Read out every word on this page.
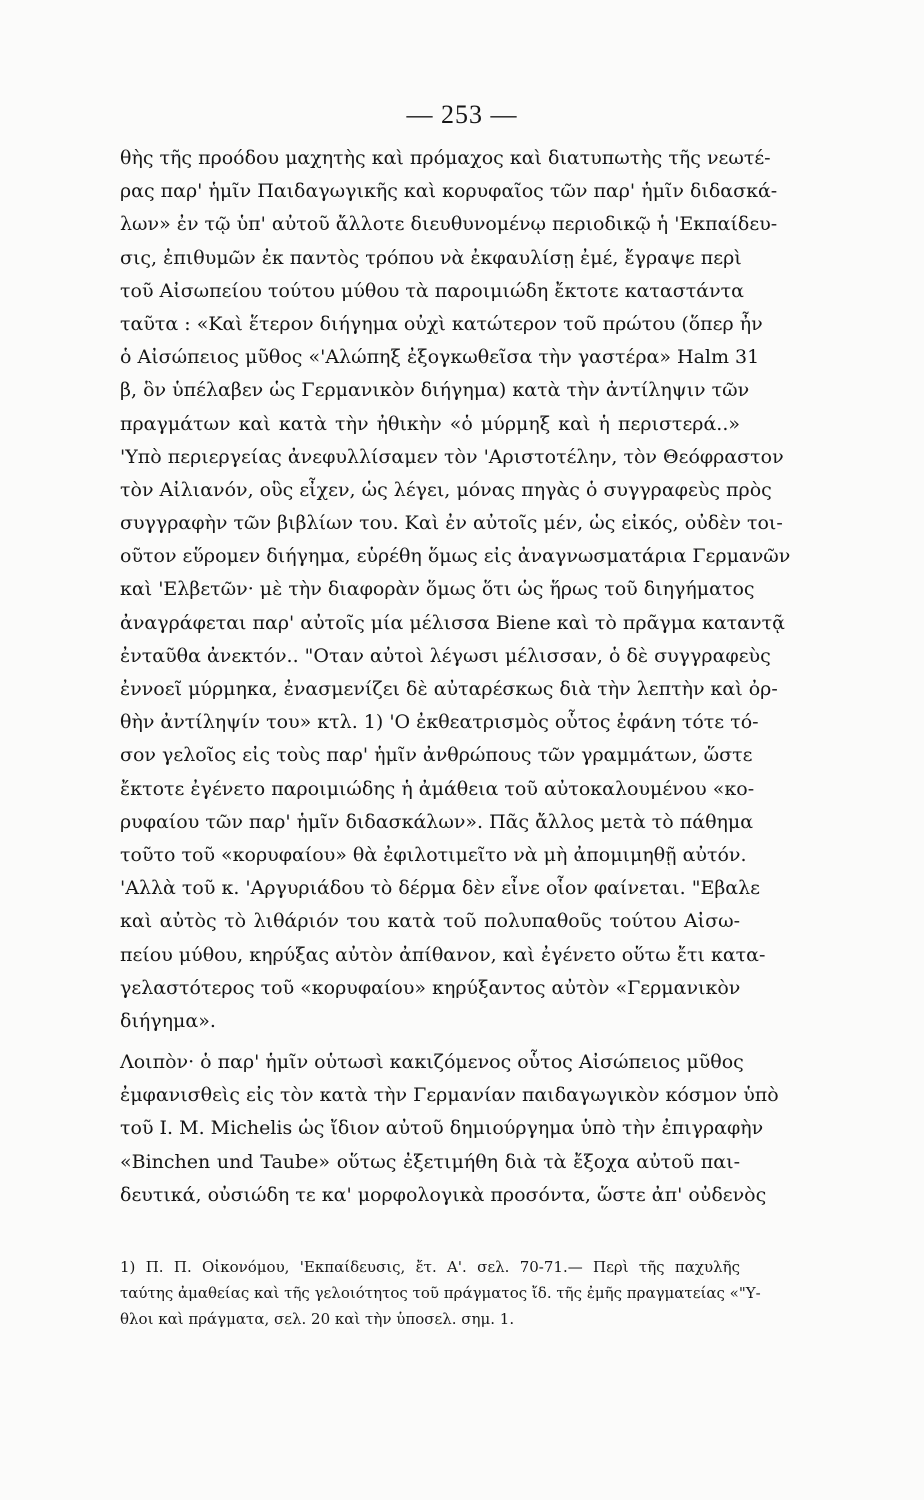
— 253 —
θὴς τῆς προόδου μαχητὴς καὶ πρόμαχος καὶ διατυπωτὴς τῆς νεωτέ-
ρας παρ' ἡμῖν Παιδαγωγικῆς καὶ κορυφαῖος τῶν παρ' ἡμῖν διδασκά-
λων» ἐν τῷ ὑπ' αὐτοῦ ἄλλοτε διευθυνομένῳ περιοδικῷ ἡ 'Εκπαίδευ-
σις, ἐπιθυμῶν ἐκ παντὸς τρόπου νὰ ἐκφαυλίσῃ ἐμέ, ἔγραψε περὶ
τοῦ Αἰσωπείου τούτου μύθου τὰ παροιμιώδη ἔκτοτε καταστάντα
ταῦτα : «Καὶ ἕτερον διήγημα οὐχὶ κατώτερον τοῦ πρώτου (ὅπερ ἦν
ὁ Αἰσώπειος μῦθος «'Αλώπηξ ἐξογκωθεῖσα τὴν γαστέρα» Halm 31
β, ὃν ὑπέλαβεν ὡς Γερμανικὸν διήγημα) κατὰ τὴν ἀντίληψιν τῶν
πραγμάτων καὶ κατὰ τὴν ἠθικὴν «ὁ μύρμηξ καὶ ἡ περιστερά..»
'Υπὸ περιεργείας ἀνεφυλλίσαμεν τὸν 'Αριστοτέλην, τὸν Θεόφραστον
τὸν Αἰλιανόν, οὓς εἶχεν, ὡς λέγει, μόνας πηγὰς ὁ συγγραφεὺς πρὸς
συγγραφὴν τῶν βιβλίων του. Καὶ ἐν αὐτοῖς μέν, ὡς εἰκός, οὐδὲν τοι-
οῦτον εὕρομεν διήγημα, εὑρέθη ὅμως εἰς ἀναγνωσματάρια Γερμανῶν
καὶ 'Ελβετῶν· μὲ τὴν διαφορὰν ὅμως ὅτι ὡς ἥρως τοῦ διηγήματος
ἀναγράφεται παρ' αὐτοῖς μία μέλισσα Biene καὶ τὸ πρᾶγμα καταντᾷ
ἐνταῦθα ἀνεκτόν.. "Οταν αὐτοὶ λέγωσι μέλισσαν, ὁ δὲ συγγραφεὺς
ἐννοεῖ μύρμηκα, ἐνασμενίζει δὲ αὐταρέσκως διὰ τὴν λεπτὴν καὶ ὀρ-
θὴν ἀντίληψίν του» κτλ. 1) 'Ο ἐκθεατρισμὸς οὗτος ἐφάνη τότε τό-
σον γελοῖος εἰς τοὺς παρ' ἡμῖν ἀνθρώπους τῶν γραμμάτων, ὥστε
ἔκτοτε ἐγένετο παροιμιώδης ἡ ἀμάθεια τοῦ αὐτοκαλουμένου «κο-
ρυφαίου τῶν παρ' ἡμῖν διδασκάλων». Πᾶς ἄλλος μετὰ τὸ πάθημα
τοῦτο τοῦ «κορυφαίου» θὰ ἐφιλοτιμεῖτο νὰ μὴ ἀπομιμηθῇ αὐτόν.
'Αλλὰ τοῦ κ. 'Αργυριάδου τὸ δέρμα δὲν εἶνε οἷον φαίνεται. "Εβαλε
καὶ αὐτὸς τὸ λιθάριόν του κατὰ τοῦ πολυπαθοῦς τούτου Αἰσω-
πείου μύθου, κηρύξας αὐτὸν ἀπίθανον, καὶ ἐγένετο οὕτω ἔτι κατα-
γελαστότερος τοῦ «κορυφαίου» κηρύξαντος αὐτὸν «Γερμανικὸν
διήγημα».
Λοιπὸν· ὁ παρ' ἡμῖν οὑτωσὶ κακιζόμενος οὗτος Αἰσώπειος μῦθος
ἐμφανισθεὶς εἰς τὸν κατὰ τὴν Γερμανίαν παιδαγωγικὸν κόσμον ὑπὸ
τοῦ Ι. Μ. Michelis ὡς ἴδιον αὐτοῦ δημιούργημα ὑπὸ τὴν ἐπιγραφὴν
«Binchen und Taube» οὕτως ἐξετιμήθη διὰ τὰ ἔξοχα αὐτοῦ παι-
δευτικά, οὐσιώδη τε κα' μορφολογικὰ προσόντα, ὥστε ἀπ' οὐδενὸς
1) Π. Π. Οἰκονόμου, 'Εκπαίδευσις, ἔτ. Α'. σελ. 70-71.— Περὶ τῆς παχυλῆς
ταύτης ἀμαθείας καὶ τῆς γελοιότητος τοῦ πράγματος ἴδ. τῆς ἐμῆς πραγματείας «"Υ-
θλοι καὶ πράγματα, σελ. 20 καὶ τὴν ὑποσελ. σημ. 1.
